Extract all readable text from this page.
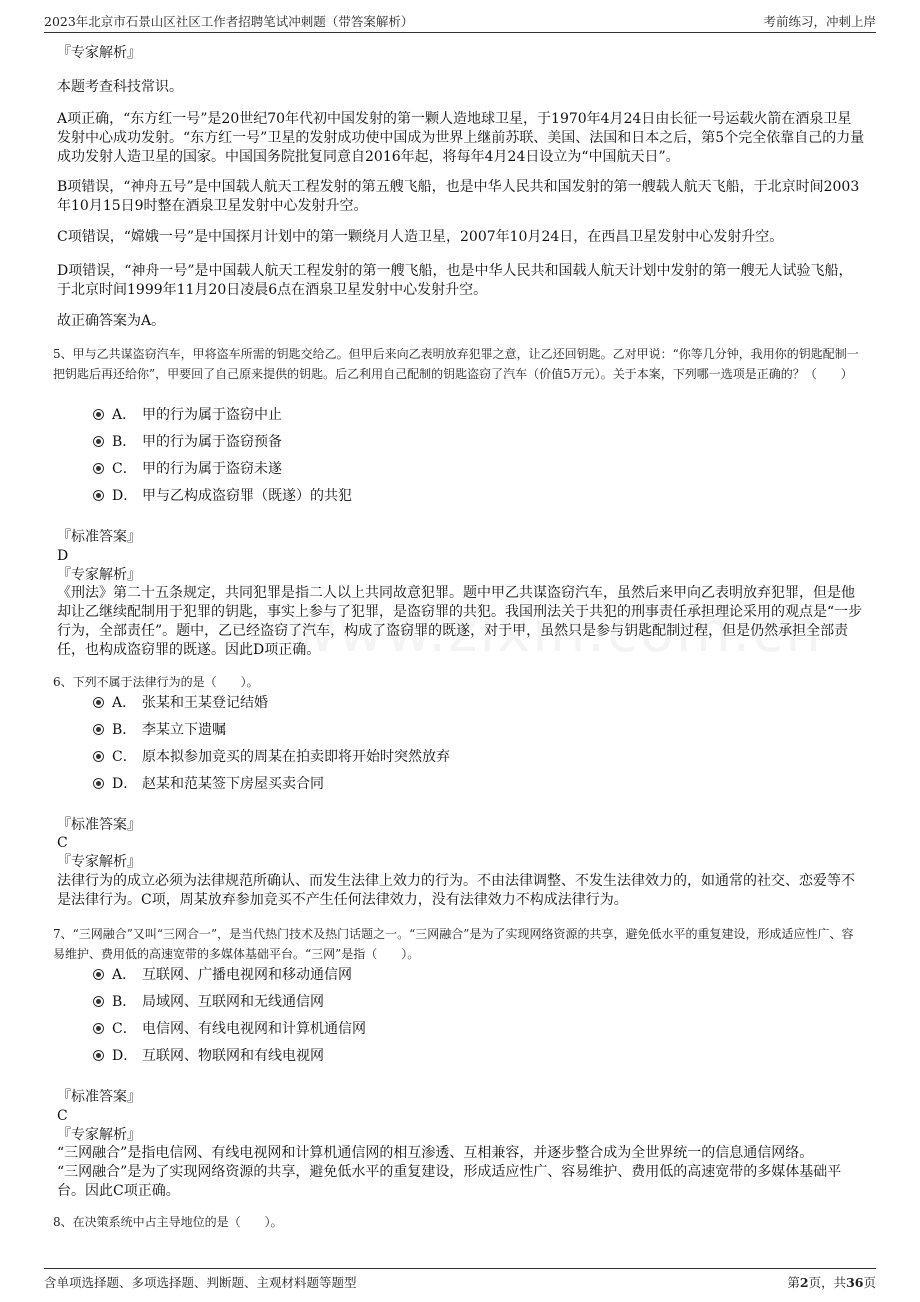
2023年北京市石景山区社区工作者招聘笔试冲刺题（带答案解析）	考前练习，冲刺上岸

『专家解析』

本题考查科技常识。

A项正确，“东方红一号”是20世纪70年代初中国发射的第一颗人造地球卫星，于1970年4月24日由长征一号运载火箭在酒泉卫星发射中心成功发射。“东方红一号”卫星的发射成功使中国成为世界上继前苏联、美国、法国和日本之后，第5个完全依靠自己的力量成功发射人造卫星的国家。中国国务院批复同意自2016年起，将每年4月24日设立为“中国航天日”。

B项错误，“神舟五号”是中国载人航天工程发射的第五艘飞船，也是中华人民共和国发射的第一艘载人航天飞船，于北京时间2003年10月15日9时整在酒泉卫星发射中心发射升空。

C项错误，“嫦娥一号”是中国探月计划中的第一颗绕月人造卫星，2007年10月24日，在西昌卫星发射中心发射升空。

D项错误，“神舟一号”是中国载人航天工程发射的第一艘飞船，也是中华人民共和国载人航天计划中发射的第一艘无人试验飞船，于北京时间1999年11月20日凌晨6点在酒泉卫星发射中心发射升空。

故正确答案为A。

5、甲与乙共谋盗窃汽车，甲将盗车所需的钥匙交给乙。但甲后来向乙表明放弃犯罪之意，让乙还回钥匙。乙对甲说：“你等几分钟，我用你的钥匙配制一把钥匙后再还给你”，甲要回了自己原来提供的钥匙。后乙利用自己配制的钥匙盗窃了汽车（价值5万元）。关于本案，下列哪一选项是正确的？（　　）

A． 甲的行为属于盗窃中止
B． 甲的行为属于盗窃预备
C． 甲的行为属于盗窃未遂
D． 甲与乙构成盗窃罪（既遂）的共犯

『标准答案』

D

『专家解析』

《刑法》第二十五条规定，共同犯罪是指二人以上共同故意犯罪。题中甲乙共谋盗窃汽车，虽然后来甲向乙表明放弃犯罪，但是他却让乙继续配制用于犯罪的钥匙，事实上参与了犯罪，是盗窃罪的共犯。我国刑法关于共犯的刑事责任承担理论采用的观点是“一步行为，全部责任”。题中，乙已经盗窃了汽车，构成了盗窃罪的既遂，对于甲，虽然只是参与钥匙配制过程，但是仍然承担全部责任，也构成盗窃罪的既遂。因此D项正确。

6、下列不属于法律行为的是（　　）。

A． 张某和王某登记结婚
B． 李某立下遗嘱
C． 原本拟参加竞买的周某在拍卖即将开始时突然放弃
D． 赵某和范某签下房屋买卖合同

『标准答案』

C

『专家解析』

法律行为的成立必须为法律规范所确认、而发生法律上效力的行为。不由法律调整、不发生法律效力的，如通常的社交、恋爱等不是法律行为。C项，周某放弃参加竞买不产生任何法律效力，没有法律效力不构成法律行为。

7、“三网融合”又叫“三网合一”，是当代热门技术及热门话题之一。“三网融合”是为了实现网络资源的共享，避免低水平的重复建设，形成适应性广、容易维护、费用低的高速宽带的多媒体基础平台。“三网”是指（　　）。

A． 互联网、广播电视网和移动通信网
B． 局域网、互联网和无线通信网
C． 电信网、有线电视网和计算机通信网
D． 互联网、物联网和有线电视网

『标准答案』

C

『专家解析』

“三网融合”是指电信网、有线电视网和计算机通信网的相互渗透、互相兼容，并逐步整合成为全世界统一的信息通信网络。

“三网融合”是为了实现网络资源的共享，避免低水平的重复建设，形成适应性广、容易维护、费用低的高速宽带的多媒体基础平台。因此C项正确。

8、在决策系统中占主导地位的是（　　）。

含单项选择题、多项选择题、判断题、主观材料题等题型	第2页，共36页
